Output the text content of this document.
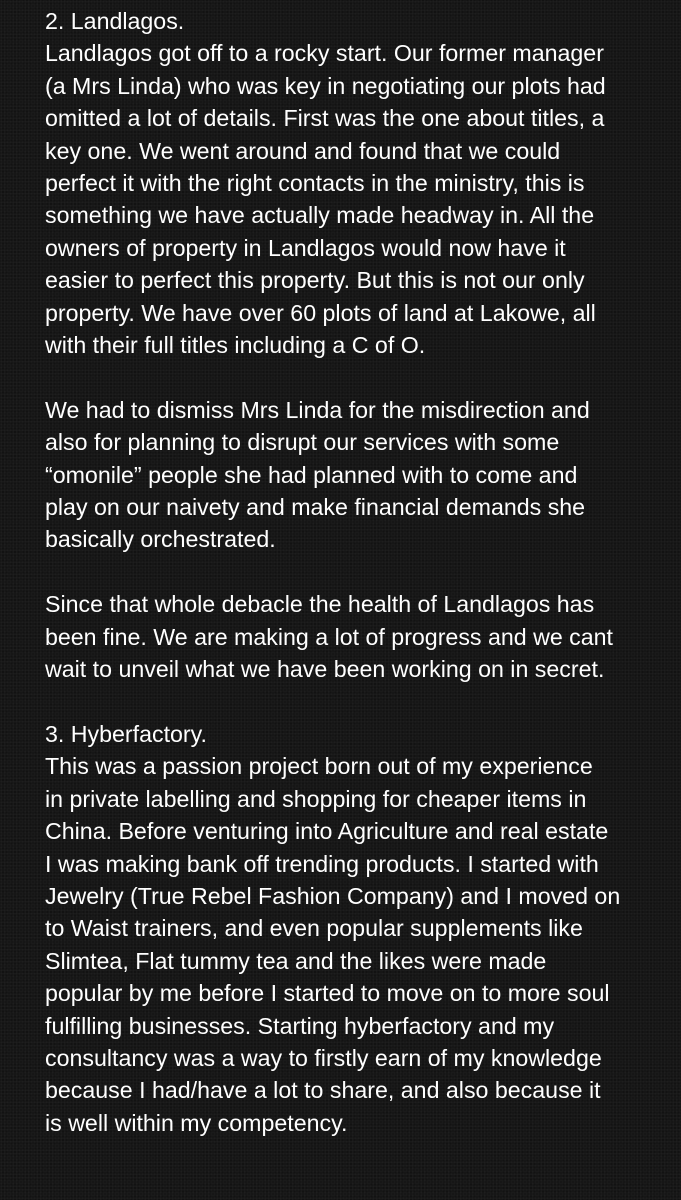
2. Landlagos.

Landlagos got off to a rocky start. Our former manager
(a Mrs Linda) who was key in negotiating our plots had
omitted a lot of details. First was the one about titles, a
key one. We went around and found that we could
perfect it with the right contacts in the ministry, this is
something we have actually made headway in. All the
owners of property in Landlagos would now have it
easier to perfect this property. But this is not our only
property. We have over 60 plots of land at Lakowe, all
with their full titles including a C of O.

We had to dismiss Mrs Linda for the misdirection and
also for planning to disrupt our services with some
“omonile” people she had planned with to come and
play on our naivety and make financial demands she
basically orchestrated.

Since that whole debacle the health of Landlagos has
been fine. We are making a lot of progress and we cant
wait to unveil what we have been working on in secret.

3. Hyberfactory.

This was a passion project born out of my experience
in private labelling and shopping for cheaper items in
China. Before venturing into Agriculture and real estate
I was making bank off trending products. I started with
Jewelry (True Rebel Fashion Company) and I moved on
to Waist trainers, and even popular supplements like
Slimtea, Flat tummy tea and the likes were made
popular by me before I started to move on to more soul
fulfilling businesses. Starting hyberfactory and my
consultancy was a way to firstly earn of my knowledge
because I had/have a lot to share, and also because it
is well within my competency.
